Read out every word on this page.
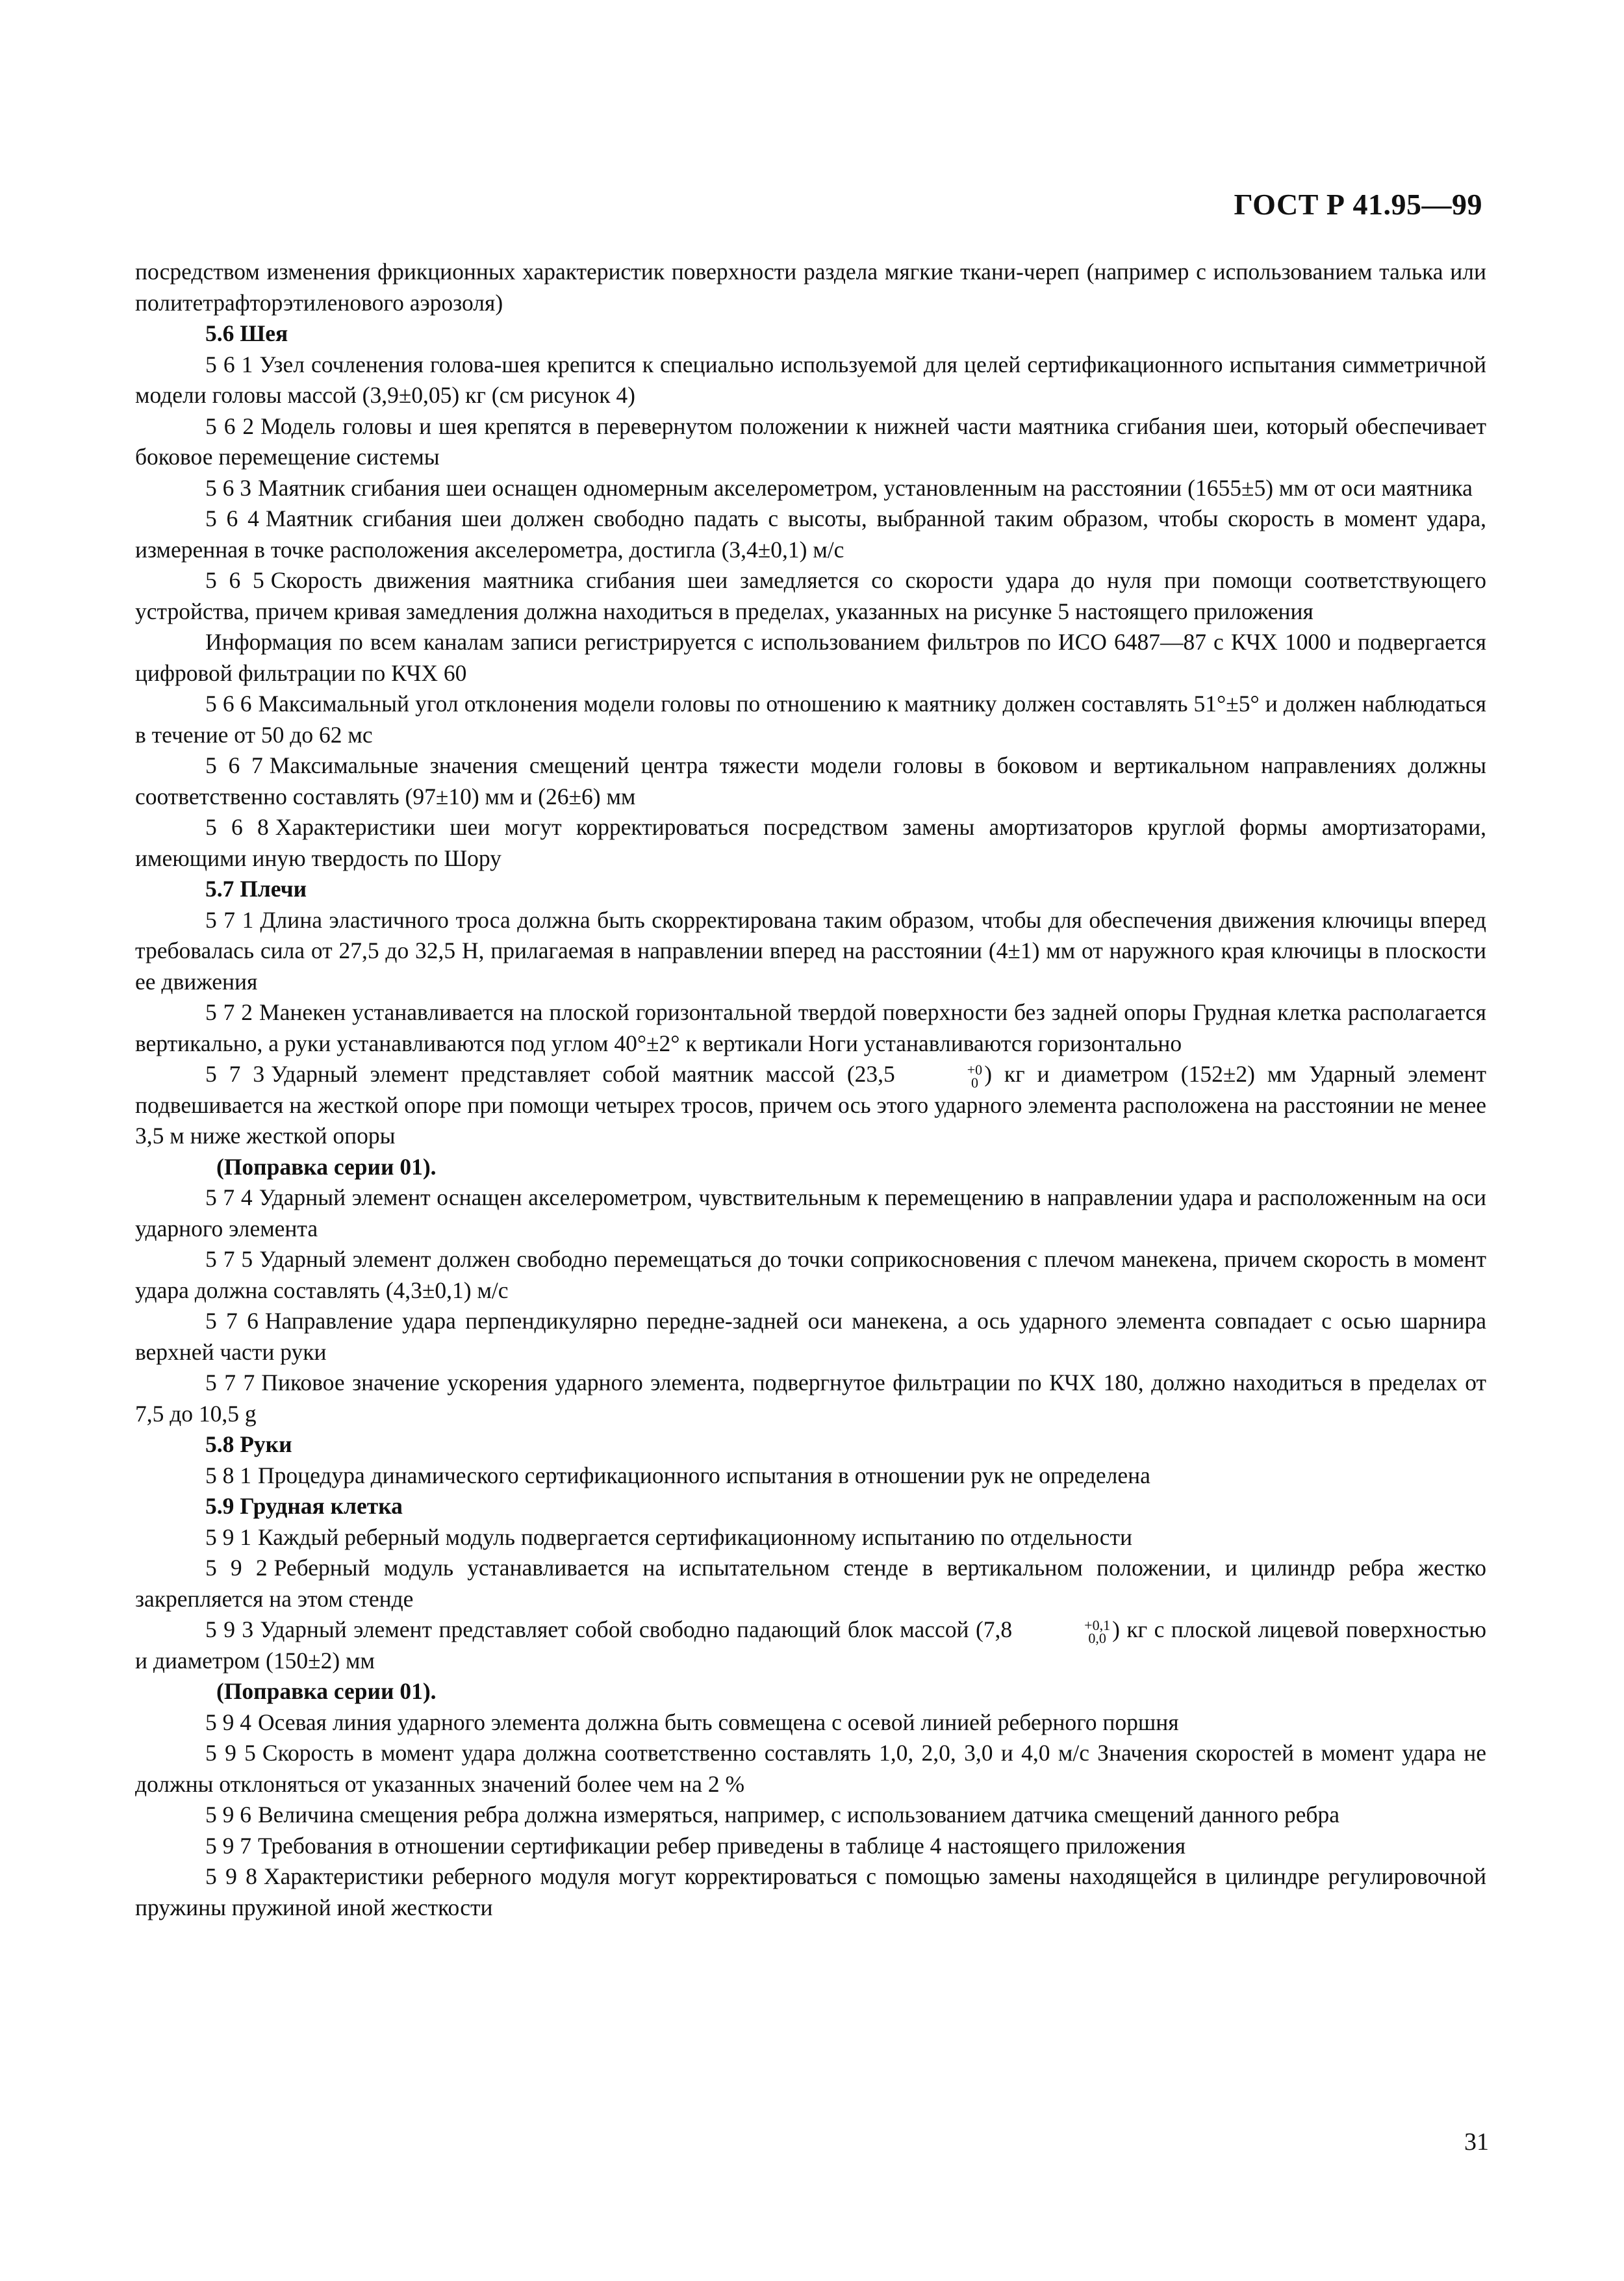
ГОСТ Р 41.95—99

посредством изменения фрикционных характеристик поверхности раздела мягкие ткани-череп (например с использованием талька или политетрафторэтиленового аэрозоля)

5.6 Шея

5 6 1 Узел сочленения голова-шея крепится к специально используемой для целей сертификационного испытания симметричной модели головы массой (3,9±0,05) кг (см рисунок 4)

5 6 2 Модель головы и шея крепятся в перевернутом положении к нижней части маятника сгибания шеи, который обеспечивает боковое перемещение системы

5 6 3 Маятник сгибания шеи оснащен одномерным акселерометром, установленным на расстоянии (1655±5) мм от оси маятника

5 6 4 Маятник сгибания шеи должен свободно падать с высоты, выбранной таким образом, чтобы скорость в момент удара, измеренная в точке расположения акселерометра, достигла (3,4±0,1) м/с

5 6 5 Скорость движения маятника сгибания шеи замедляется со скорости удара до нуля при помощи соответствующего устройства, причем кривая замедления должна находиться в пределах, указанных на рисунке 5 настоящего приложения

Информация по всем каналам записи регистрируется с использованием фильтров по ИСО 6487—87 с КЧХ 1000 и подвергается цифровой фильтрации по КЧХ 60

5 6 6 Максимальный угол отклонения модели головы по отношению к маятнику должен составлять 51°±5° и должен наблюдаться в течение от 50 до 62 мс

5 6 7 Максимальные значения смещений центра тяжести модели головы в боковом и вертикальном направлениях должны соответственно составлять (97±10) мм и (26±6) мм

5 6 8 Характеристики шеи могут корректироваться посредством замены амортизаторов круглой формы амортизаторами, имеющими иную твердость по Шору

5.7 Плечи

5 7 1 Длина эластичного троса должна быть скорректирована таким образом, чтобы для обеспечения движения ключицы вперед требовалась сила от 27,5 до 32,5 Н, прилагаемая в направлении вперед на расстоянии (4±1) мм от наружного края ключицы в плоскости ее движения

5 7 2 Манекен устанавливается на плоской горизонтальной твердой поверхности без задней опоры Грудная клетка располагается вертикально, а руки устанавливаются под углом 40°±2° к вертикали Ноги устанавливаются горизонтально

5 7 3 Ударный элемент представляет собой маятник массой (23,5	+0
0 ) кг и диаметром (152±2) мм Ударный элемент подвешивается на жесткой опоре при помощи четырех тросов, причем ось этого ударного элемента расположена на расстоянии не менее 3,5 м ниже жесткой опоры

(Поправка серии 01).

5 7 4 Ударный элемент оснащен акселерометром, чувствительным к перемещению в направлении удара и расположенным на оси ударного элемента

5 7 5 Ударный элемент должен свободно перемещаться до точки соприкосновения с плечом манекена, причем скорость в момент удара должна составлять (4,3±0,1) м/с

5 7 6 Направление удара перпендикулярно передне-задней оси манекена, а ось ударного элемента совпадает с осью шарнира верхней части руки

5 7 7 Пиковое значение ускорения ударного элемента, подвергнутое фильтрации по КЧХ 180, должно находиться в пределах от 7,5 до 10,5 g

5.8 Руки

5 8 1 Процедура динамического сертификационного испытания в отношении рук не определена

5.9 Грудная клетка

5 9 1 Каждый реберный модуль подвергается сертификационному испытанию по отдельности

5 9 2 Реберный модуль устанавливается на испытательном стенде в вертикальном положении, и цилиндр ребра жестко закрепляется на этом стенде

5 9 3 Ударный элемент представляет собой свободно падающий блок массой (7,8	+0,1
0,0 ) кг с плоской лицевой поверхностью и диаметром (150±2) мм

(Поправка серии 01).

5 9 4 Осевая линия ударного элемента должна быть совмещена с осевой линией реберного поршня

5 9 5 Скорость в момент удара должна соответственно составлять 1,0, 2,0, 3,0 и 4,0 м/с Значения скоростей в момент удара не должны отклоняться от указанных значений более чем на 2 %

5 9 6 Величина смещения ребра должна измеряться, например, с использованием датчика смещений данного ребра

5 9 7 Требования в отношении сертификации ребер приведены в таблице 4 настоящего приложения

5 9 8 Характеристики реберного модуля могут корректироваться с помощью замены находящейся в цилиндре регулировочной пружины пружиной иной жесткости

31
